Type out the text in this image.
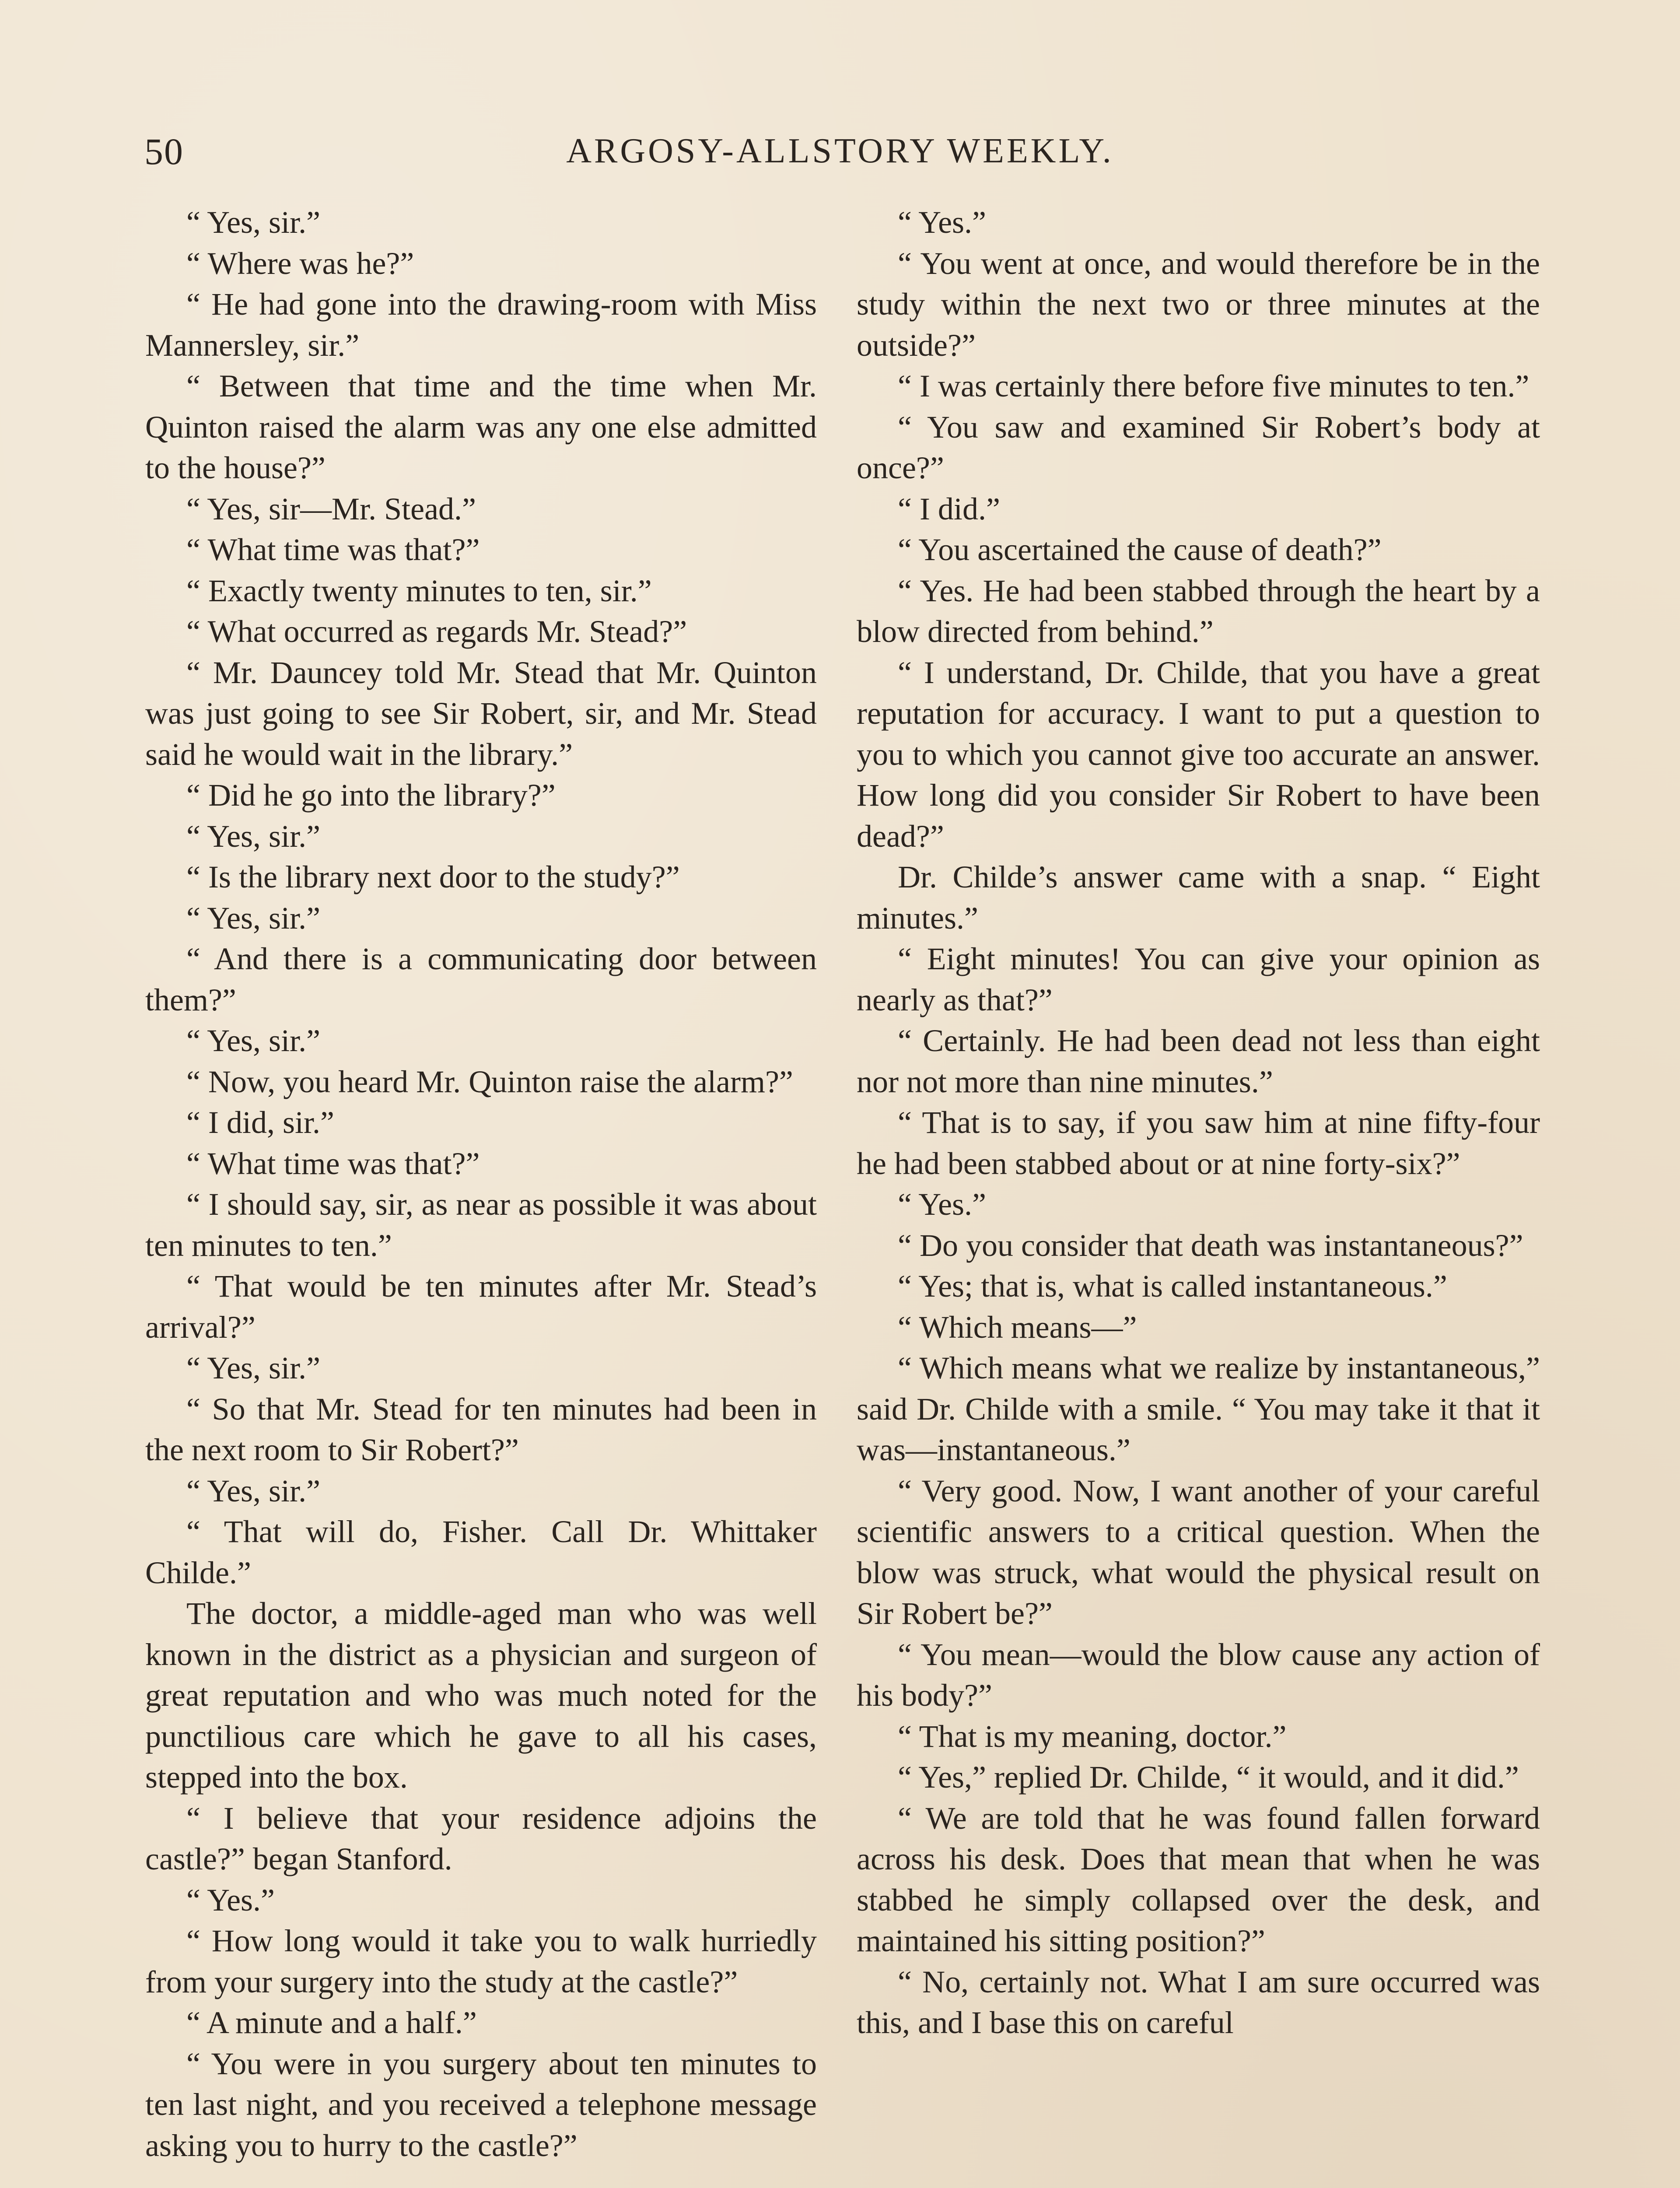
50	ARGOSY-ALLSTORY WEEKLY.

“ Yes, sir.”

“ Where was he?”

“ He had gone into the drawing-room with Miss Mannersley, sir.”

“ Between that time and the time when Mr. Quinton raised the alarm was any one else admitted to the house?”

“ Yes, sir—Mr. Stead.”

“ What time was that?”

“ Exactly twenty minutes to ten, sir.”

“ What occurred as regards Mr. Stead?”

“ Mr. Dauncey told Mr. Stead that Mr. Quinton was just going to see Sir Robert, sir, and Mr. Stead said he would wait in the library.”

“ Did he go into the library?”

“ Yes, sir.”

“ Is the library next door to the study?”

“ Yes, sir.”

“ And there is a communicating door between them?”

“ Yes, sir.”

“ Now, you heard Mr. Quinton raise the alarm?”

“ I did, sir.”

“ What time was that?”

“ I should say, sir, as near as possible it was about ten minutes to ten.”

“ That would be ten minutes after Mr. Stead’s arrival?”

“ Yes, sir.”

“ So that Mr. Stead for ten minutes had been in the next room to Sir Robert?”

“ Yes, sir.”

“ That will do, Fisher. Call Dr. Whittaker Childe.”

The doctor, a middle-aged man who was well known in the district as a physician and surgeon of great reputation and who was much noted for the punctilious care which he gave to all his cases, stepped into the box.

“ I believe that your residence adjoins the castle?” began Stanford.

“ Yes.”

“ How long would it take you to walk hurriedly from your surgery into the study at the castle?”

“ A minute and a half.”

“ You were in you surgery about ten minutes to ten last night, and you received a telephone message asking you to hurry to the castle?”

“ Yes.”

“ You went at once, and would therefore be in the study within the next two or three minutes at the outside?”

“ I was certainly there before five minutes to ten.”

“ You saw and examined Sir Robert’s body at once?”

“ I did.”

“ You ascertained the cause of death?”

“ Yes. He had been stabbed through the heart by a blow directed from behind.”

“ I understand, Dr. Childe, that you have a great reputation for accuracy. I want to put a question to you to which you cannot give too accurate an answer. How long did you consider Sir Robert to have been dead?”

Dr. Childe’s answer came with a snap. “ Eight minutes.”

“ Eight minutes! You can give your opinion as nearly as that?”

“ Certainly. He had been dead not less than eight nor not more than nine minutes.”

“ That is to say, if you saw him at nine fifty-four he had been stabbed about or at nine forty-six?”

“ Yes.”

“ Do you consider that death was instantaneous?”

“ Yes; that is, what is called instantaneous.”

“ Which means—”

“ Which means what we realize by instantaneous,” said Dr. Childe with a smile. “ You may take it that it was—instantaneous.”

“ Very good. Now, I want another of your careful scientific answers to a critical question. When the blow was struck, what would the physical result on Sir Robert be?”

“ You mean—would the blow cause any action of his body?”

“ That is my meaning, doctor.”

“ Yes,” replied Dr. Childe, “ it would, and it did.”

“ We are told that he was found fallen forward across his desk. Does that mean that when he was stabbed he simply collapsed over the desk, and maintained his sitting position?”

“ No, certainly not. What I am sure occurred was this, and I base this on careful
